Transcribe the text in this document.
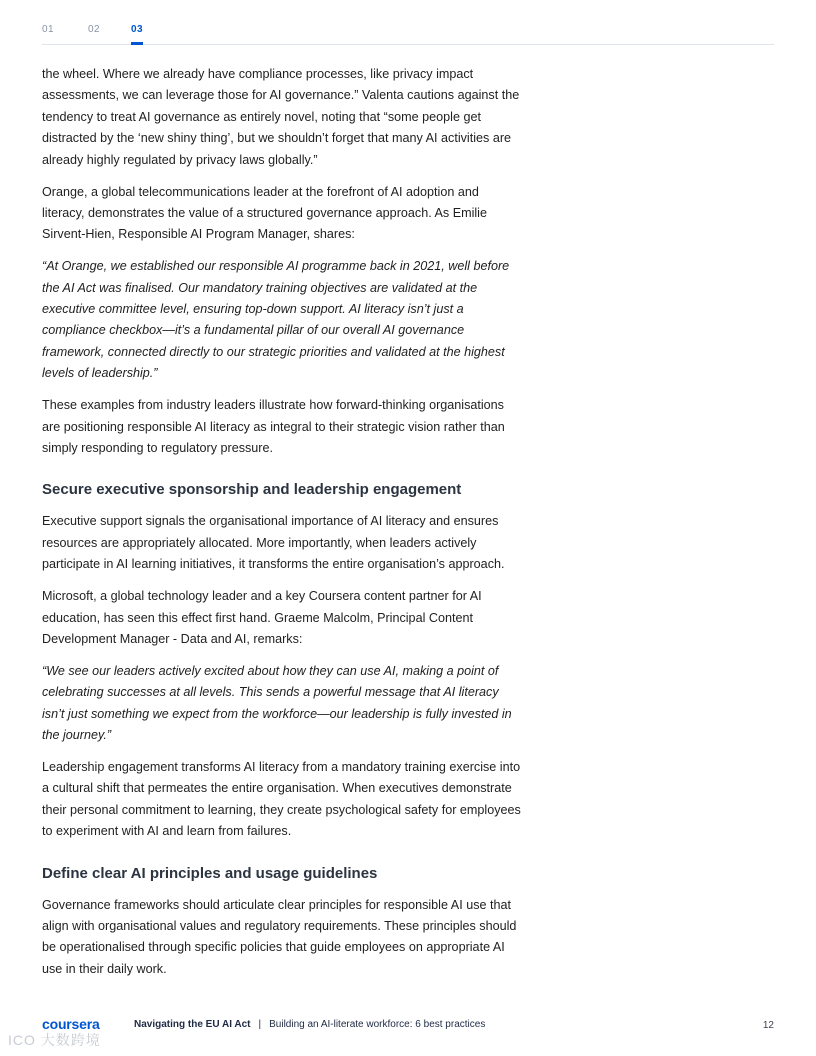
01	02	03

the wheel. Where we already have compliance processes, like privacy impact assessments, we can leverage those for AI governance.” Valenta cautions against the tendency to treat AI governance as entirely novel, noting that “some people get distracted by the ‘new shiny thing’, but we shouldn’t forget that many AI activities are already highly regulated by privacy laws globally.”

Orange, a global telecommunications leader at the forefront of AI adoption and literacy, demonstrates the value of a structured governance approach. As Emilie Sirvent-Hien, Responsible AI Program Manager, shares:

“At Orange, we established our responsible AI programme back in 2021, well before the AI Act was finalised. Our mandatory training objectives are validated at the executive committee level, ensuring top-down support. AI literacy isn’t just a compliance checkbox—it’s a fundamental pillar of our overall AI governance framework, connected directly to our strategic priorities and validated at the highest levels of leadership.”

These examples from industry leaders illustrate how forward-thinking organisations are positioning responsible AI literacy as integral to their strategic vision rather than simply responding to regulatory pressure.

Secure executive sponsorship and leadership engagement

Executive support signals the organisational importance of AI literacy and ensures resources are appropriately allocated. More importantly, when leaders actively participate in AI learning initiatives, it transforms the entire organisation’s approach.

Microsoft, a global technology leader and a key Coursera content partner for AI education, has seen this effect first hand. Graeme Malcolm, Principal Content Development Manager - Data and AI, remarks:

“We see our leaders actively excited about how they can use AI, making a point of celebrating successes at all levels. This sends a powerful message that AI literacy isn’t just something we expect from the workforce—our leadership is fully invested in the journey.”

Leadership engagement transforms AI literacy from a mandatory training exercise into a cultural shift that permeates the entire organisation. When executives demonstrate their personal commitment to learning, they create psychological safety for employees to experiment with AI and learn from failures.

Define clear AI principles and usage guidelines

Governance frameworks should articulate clear principles for responsible AI use that align with organisational values and regulatory requirements. These principles should be operationalised through specific policies that guide employees on appropriate AI use in their daily work.

coursera	Navigating the EU AI Act | Building an AI-literate workforce: 6 best practices	12
ICO 大数跨境
